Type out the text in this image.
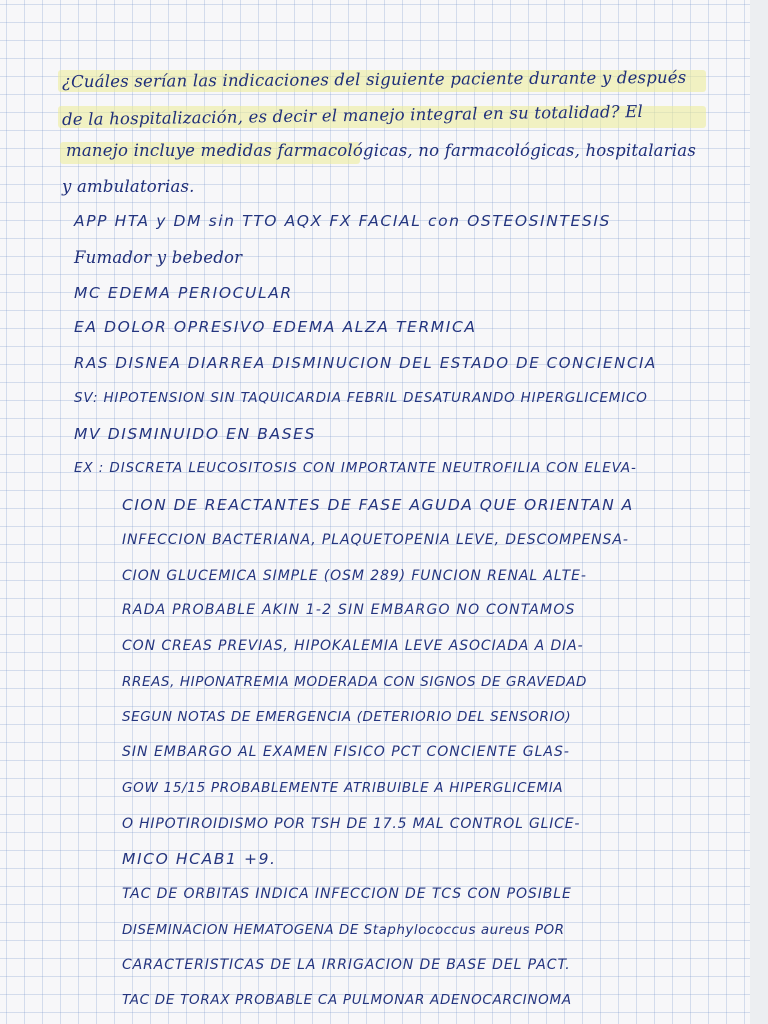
¿Cuáles serían las indicaciones del siguiente paciente durante y después
de la hospitalización, es decir el manejo integral en su totalidad? El
manejo incluye medidas farmacológicas, no farmacológicas, hospitalarias
y ambulatorias.
APP HTA y DM sin TTO AQX FX FACIAL con OSTEOSINTESIS
Fumador y bebedor
MC EDEMA PERIOCULAR
EA DOLOR OPRESIVO EDEMA ALZA TERMICA
RAS DISNEA DIARREA DISMINUCION DEL ESTADO DE CONCIENCIA
SV: HIPOTENSION SIN TAQUICARDIA FEBRIL DESATURANDO HIPERGLICEMICO
MV DISMINUIDO EN BASES
EX : DISCRETA LEUCOSITOSIS CON IMPORTANTE NEUTROFILIA CON ELEVA-
CION DE REACTANTES DE FASE AGUDA QUE ORIENTAN A
INFECCION BACTERIANA, PLAQUETOPENIA LEVE, DESCOMPENSA-
CION GLUCEMICA SIMPLE (OSM 289) FUNCION RENAL ALTE-
RADA PROBABLE AKIN 1-2 SIN EMBARGO NO CONTAMOS
CON CREAS PREVIAS, HIPOKALEMIA LEVE ASOCIADA A DIA-
RREAS, HIPONATREMIA MODERADA CON SIGNOS DE GRAVEDAD
SEGUN NOTAS DE EMERGENCIA (DETERIORIO DEL SENSORIO)
SIN EMBARGO AL EXAMEN FISICO PCT CONCIENTE GLAS-
GOW 15/15 PROBABLEMENTE ATRIBUIBLE A HIPERGLICEMIA
O HIPOTIROIDISMO POR TSH DE 17.5 MAL CONTROL GLICE-
MICO HCAB1 +9.
TAC DE ORBITAS INDICA INFECCION DE TCS CON POSIBLE
DISEMINACION HEMATOGENA DE Staphylococcus aureus POR
CARACTERISTICAS DE LA IRRIGACION DE BASE DEL PACT.
TAC DE TORAX PROBABLE CA PULMONAR ADENOCARCINOMA
